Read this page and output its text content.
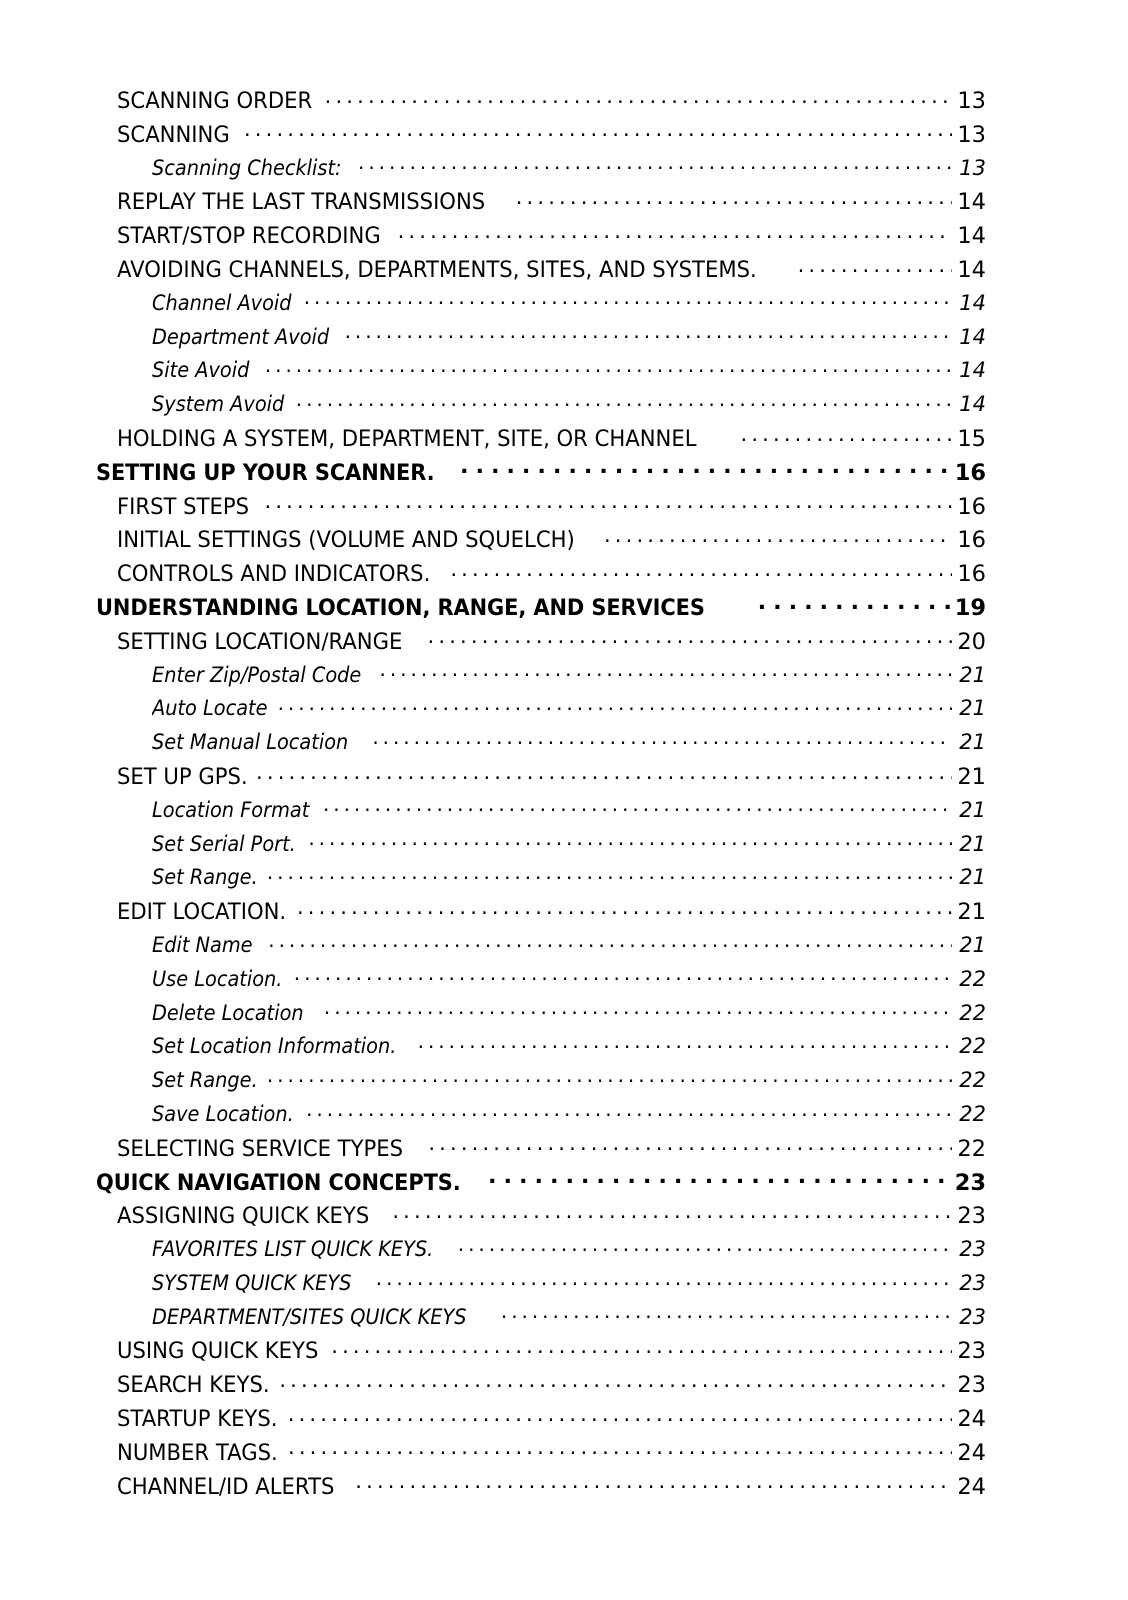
SCANNING ORDER . . .	13
SCANNING . . .	13
Scanning Checklist: . . .	13
REPLAY THE LAST TRANSMISSIONS . . .	14
START/STOP RECORDING . . .	14
AVOIDING CHANNELS, DEPARTMENTS, SITES, AND SYSTEMS. . . .	14
Channel Avoid . . .	14
Department Avoid . . .	14
Site Avoid . . .	14
System Avoid . . .	14
HOLDING A SYSTEM, DEPARTMENT, SITE, OR CHANNEL . . .	15
SETTING UP YOUR SCANNER. . . .	16
FIRST STEPS . . .	16
INITIAL SETTINGS (VOLUME AND SQUELCH) . . .	16
CONTROLS AND INDICATORS. . . .	16
UNDERSTANDING LOCATION, RANGE, AND SERVICES . . .	19
SETTING LOCATION/RANGE . . .	20
Enter Zip/Postal Code . . .	21
Auto Locate . . .	21
Set Manual Location . . .	21
SET UP GPS. . . .	21
Location Format . . .	21
Set Serial Port. . . .	21
Set Range. . . .	21
EDIT LOCATION. . . .	21
Edit Name . . .	21
Use Location. . . .	22
Delete Location . . .	22
Set Location Information. . . .	22
Set Range. . . .	22
Save Location. . . .	22
SELECTING SERVICE TYPES . . .	22
QUICK NAVIGATION CONCEPTS. . . .	23
ASSIGNING QUICK KEYS . . .	23
FAVORITES LIST QUICK KEYS. . . .	23
SYSTEM QUICK KEYS . . .	23
DEPARTMENT/SITES QUICK KEYS . . .	23
USING QUICK KEYS . . .	23
SEARCH KEYS. . . .	23
STARTUP KEYS. . . .	24
NUMBER TAGS. . . .	24
CHANNEL/ID ALERTS . . .	24
